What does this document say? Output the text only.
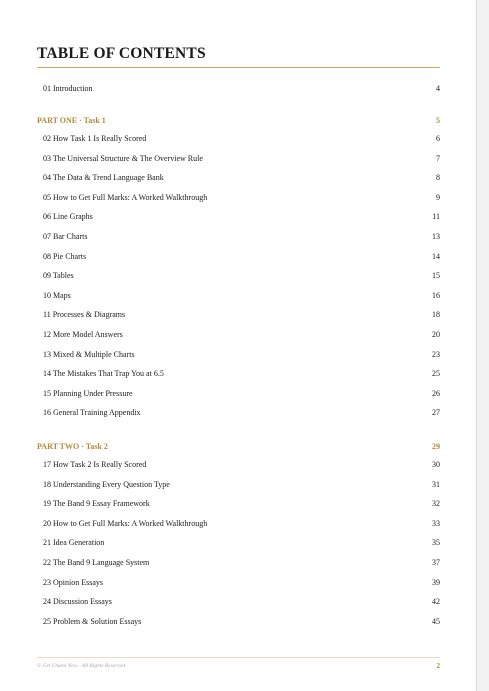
TABLE OF CONTENTS
01 Introduction	4
PART ONE · Task 1	5
02 How Task 1 Is Really Scored	6
03 The Universal Structure & The Overview Rule	7
04 The Data & Trend Language Bank	8
05 How to Get Full Marks: A Worked Walkthrough	9
06 Line Graphs	11
07 Bar Charts	13
08 Pie Charts	14
09 Tables	15
10 Maps	16
11 Processes & Diagrams	18
12 More Model Answers	20
13 Mixed & Multiple Charts	23
14 The Mistakes That Trap You at 6.5	25
15 Planning Under Pressure	26
16 General Training Appendix	27
PART TWO · Task 2	29
17 How Task 2 Is Really Scored	30
18 Understanding Every Question Type	31
19 The Band 9 Essay Framework	32
20 How to Get Full Marks: A Worked Walkthrough	33
21 Idea Generation	35
22 The Band 9 Language System	37
23 Opinion Essays	39
24 Discussion Essays	42
25 Problem & Solution Essays	45
© Get Fluent Now · All Rights Reserved	2
